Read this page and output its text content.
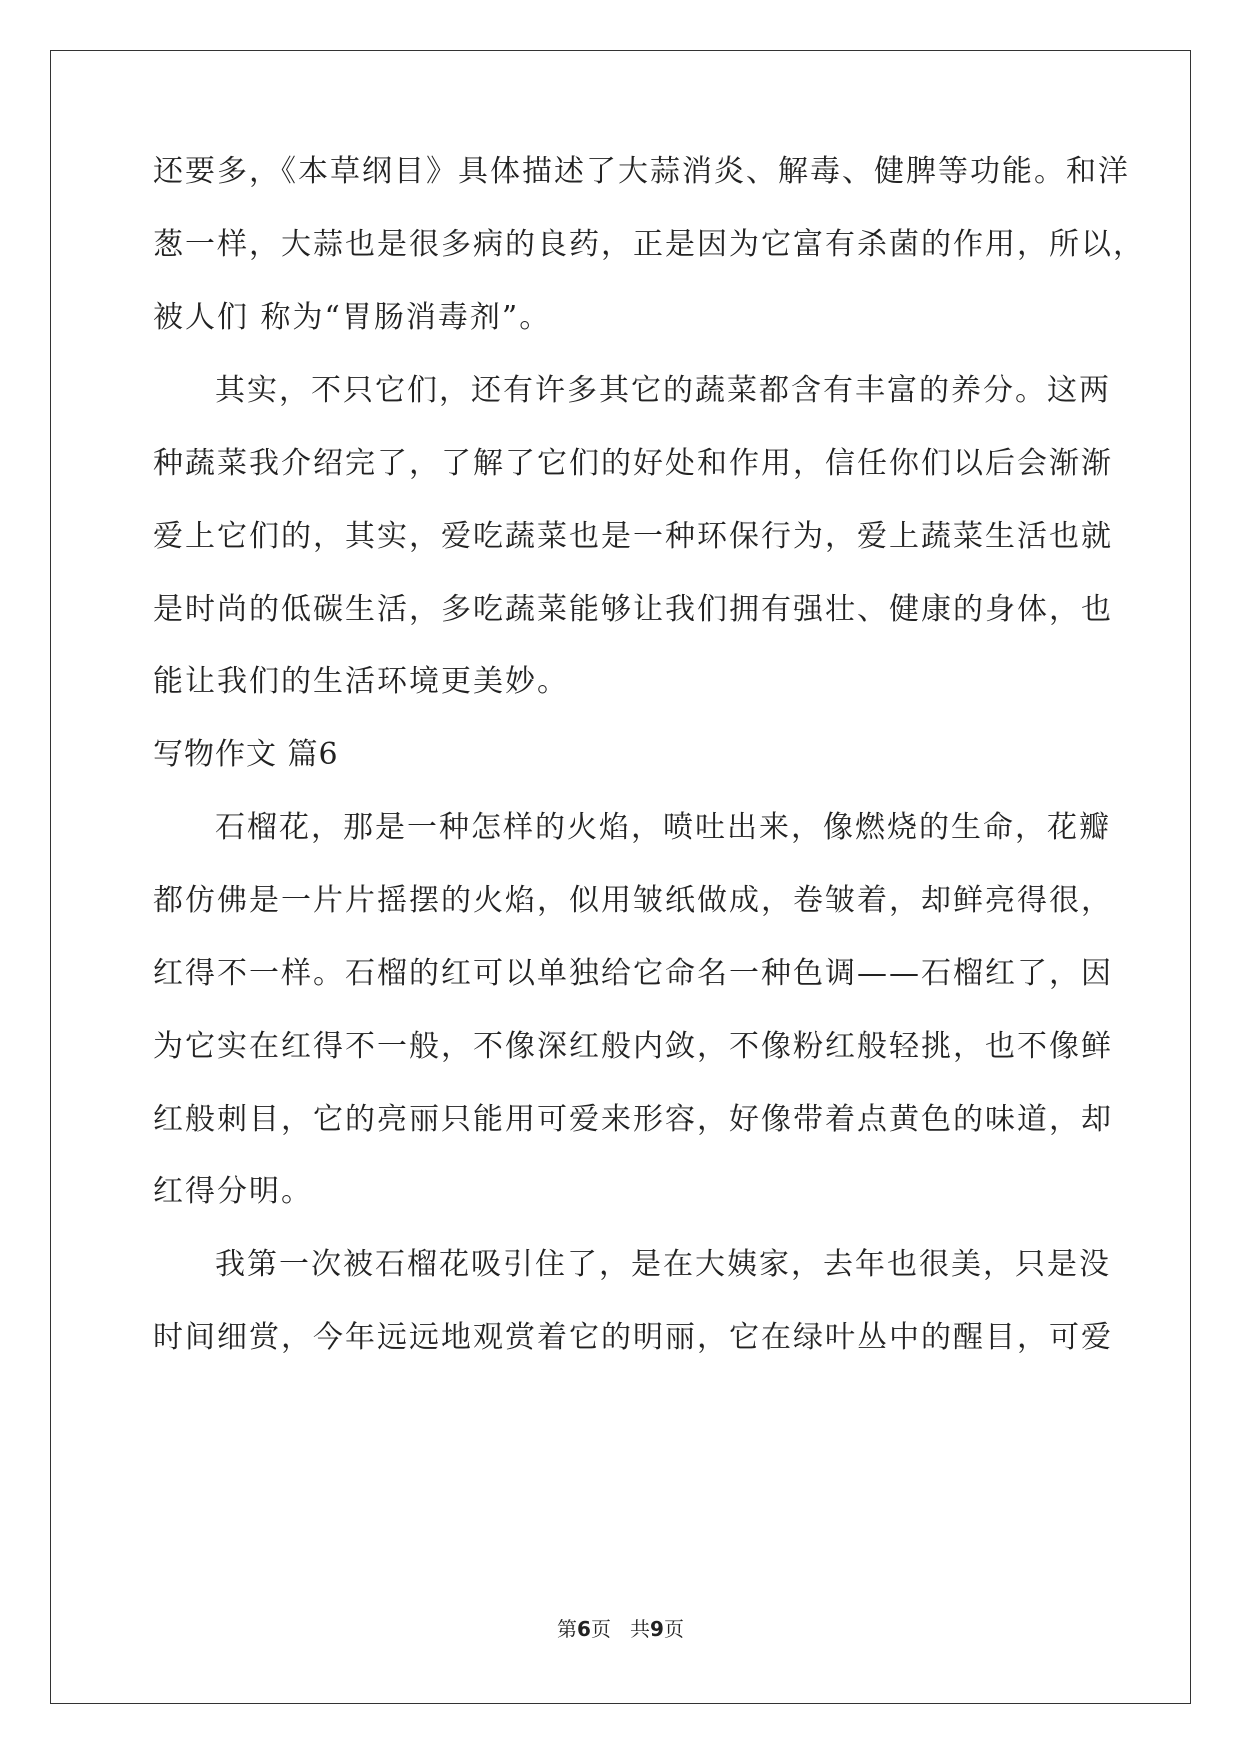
还要多，《本草纲目》具体描述了大蒜消炎、解毒、健脾等功能。和洋
葱一样，大蒜也是很多病的良药，正是因为它富有杀菌的作用，所以，
被人们 称为“胃肠消毒剂”。
其实，不只它们，还有许多其它的蔬菜都含有丰富的养分。这两
种蔬菜我介绍完了，了解了它们的好处和作用，信任你们以后会渐渐
爱上它们的，其实，爱吃蔬菜也是一种环保行为，爱上蔬菜生活也就
是时尚的低碳生活，多吃蔬菜能够让我们拥有强壮、健康的身体，也
能让我们的生活环境更美妙。
写物作文 篇6
石榴花，那是一种怎样的火焰，喷吐出来，像燃烧的生命，花瓣
都仿佛是一片片摇摆的火焰，似用皱纸做成，卷皱着，却鲜亮得很，
红得不一样。石榴的红可以单独给它命名一种色调——石榴红了，因
为它实在红得不一般，不像深红般内敛，不像粉红般轻挑，也不像鲜
红般刺目，它的亮丽只能用可爱来形容，好像带着点黄色的味道，却
红得分明。
我第一次被石榴花吸引住了，是在大姨家，去年也很美，只是没
时间细赏，今年远远地观赏着它的明丽，它在绿叶丛中的醒目，可爱
第6页 共9页
